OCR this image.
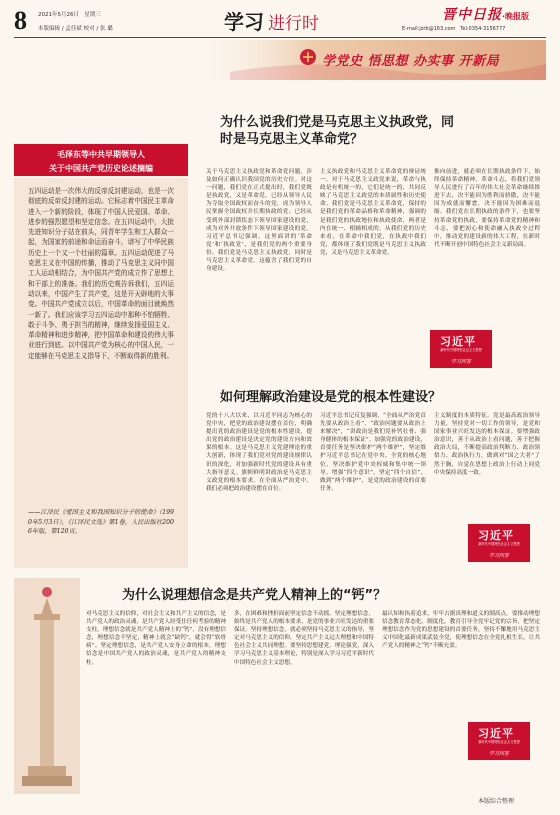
8 2021年5月26日 星期三
本版编辑 / 孟佳斌 校对 / 张 璐	学习 进行时	晋中日报·晚报版
E-mail:jzrb@163.com Tel:0354-3156777
学党史 悟思想 办实事 开新局
毛泽东等中共早期领导人
关于中国共产党历史论述摘编
五四运动是一次伟大的反帝反封建运动，也是一次彻底的反帝反封建的运动。它标志着中国民主革命进入一个新的阶段，体现了中国人民爱国、革命、进步的强烈愿望和坚定信念。在五四运动中，大批先进知识分子站在前头，同青年学生和工人群众一起，为国家的前途和命运而奋斗，谱写了中华民族历史上一个又一个壮丽的篇章。五四运动促进了马克思主义在中国的传播，推动了马克思主义同中国工人运动相结合，为中国共产党的成立作了思想上和干部上的准备。我们的历史观告诉我们，五四运动以来，中国产生了共产党，这是开天辟地的大事变。中国共产党成立以后，中国革命的面目就焕然一新了。我们应该学习五四运动中那种不怕牺牲、敢于斗争、勇于担当的精神，继续发扬爱国主义、革命精神和进步精神，把中国革命和建设的伟大事业进行到底。以中国共产党为核心的中国人民，一定能够在马克思主义指导下，不断取得新的胜利。
——江泽民《爱国主义和我国知识分子的使命》（1990年5月3日），《江泽民文选》第1卷，人民出版社2006年版，第120页。
为什么说我们党是马克思主义执政党，同
时是马克思主义革命党？
关于马克思主义执政党和革命党问题，涉及如何正确认识我国党的历史方位。对这一问题，我们党在正式提出时，我们党既是执政党，又是革命党，已经从领导人民为夺取全国政权而奋斗的党，成为领导人民掌握全国政权并长期执政的党；已经从受到外部封锁状态下领导国家建设的党，成为对外开放条件下领导国家建设的党。习近平总书记强调，这里面讲的‘革命党’和‘执政党’，是我们党的两个重要身份。我们党是马克思主义执政党，同时是马克思主义革命党。这蕴含了我们党的自身建设。
主义执政党和马克思主义革命党的辩证统一。对于马克思主义政党来说，革命与执政是有机统一的，它们是统一的，共同反映了马克思主义政党的本质属性和历史使命。我们党是马克思主义革命党，保持的是我们党的革命品格和革命精神，强调的是我们党的执政地位和执政使命，两者是内在统一、相辅相成的。从我们党的历史来看，在革命中我们党，在执政中我们党，都体现了我们党既是马克思主义执政党，又是马克思主义革命党。
推向前进，就必须在长期执政条件下，始终保持革命精神、革命斗志，将我们党领导人民进行了百年的伟大社会革命继续推进下去，决不能因为胜利而骄傲，决不能因为成就而懈怠，决不能因为困难而退缩。我们党在长期执政的条件下，也要坚持革命党的执政，要保持革命党的精神和斗志，要把初心和使命融入执政全过程中，推动党的建设新的伟大工程，在新时代不断开创中国特色社会主义新局面。
习近平
新时代中国特色社会主义思想
学习问答
如何理解政治建设是党的根本性建设？
党的十八大以来，以习近平同志为核心的党中央，把党的政治建设摆在首位，明确提出党的政治建设是党的根本性建设，提出党的政治建设是决定党的建设方向和效果的根本。这是马克思主义党建理论的重大创新，体现了我们党对党的建设规律认识的深化，对加强新时代党的建设具有重大指导意义。旗帜鲜明讲政治是马克思主义政党的根本要求。在全面从严治党中，我们必须把政治建设摆在首位。
习近平总书记反复强调，“全面从严治党首先要从政治上看”，“政治问题要从政治上来解决”，“讲政治是我们党补钙壮骨、强身健体的根本保证”。加强党的政治建设，首要任务是坚决维护“两个维护”，坚定维护习近平总书记在党中央、全党的核心地位，坚决维护党中央权威和集中统一领导。增强“四个意识”，坚定“四个自信”，做到“两个维护”，是党的政治建设的首要任务。
主义制度的本质特征。党是最高政治领导力量，坚持党对一切工作的领导，是党和国家事业兴旺发达的根本保证。要增强政治意识，善于从政治上看问题，善于把握政治大局，不断提高政治判断力、政治领悟力、政治执行力，做到对“国之大者”了然于胸，自觉在思想上政治上行动上同党中央保持高度一致。
习近平
新时代中国特色社会主义思想
学习问答
为什么说理想信念是共产党人精神上的“钙”？
对马克思主义的信仰，对社会主义和共产主义的信念，是共产党人的政治灵魂，是共产党人经受住任何考验的精神支柱。理想信念就是共产党人精神上的“钙”，没有理想信念，理想信念不坚定，精神上就会“缺钙”，就会得“软骨病”。坚定理想信念，是共产党人安身立命的根本，理想信念是中国共产党人的政治灵魂，是共产党人的精神支柱。
多，在困难和挫折面前坚定信念不动摇。坚定理想信念，始终是共产党人的根本要求，是党的事业兴旺发达的重要保证。坚持理想信念，就必须坚持马克思主义的指导，坚定对马克思主义的信仰，坚定共产主义远大理想和中国特色社会主义共同理想。要坚持思想建党、理论强党，深入学习马克思主义基本理论，特别是深入学习习近平新时代中国特色社会主义思想。
最认知和执着追求，牢牢占据真理和道义的制高点。要推动理想信念教育常态化、制度化，教育引导全党牢记党的宗旨，把坚定理想信念作为党的思想建设的首要任务，坚持不懈地用马克思主义中国化最新成果武装全党，使理想信念在全党扎根生长，让共产党人的精神之“钙”不断充盈。
习近平
新时代中国特色社会主义思想
学习问答
本版综合整理
